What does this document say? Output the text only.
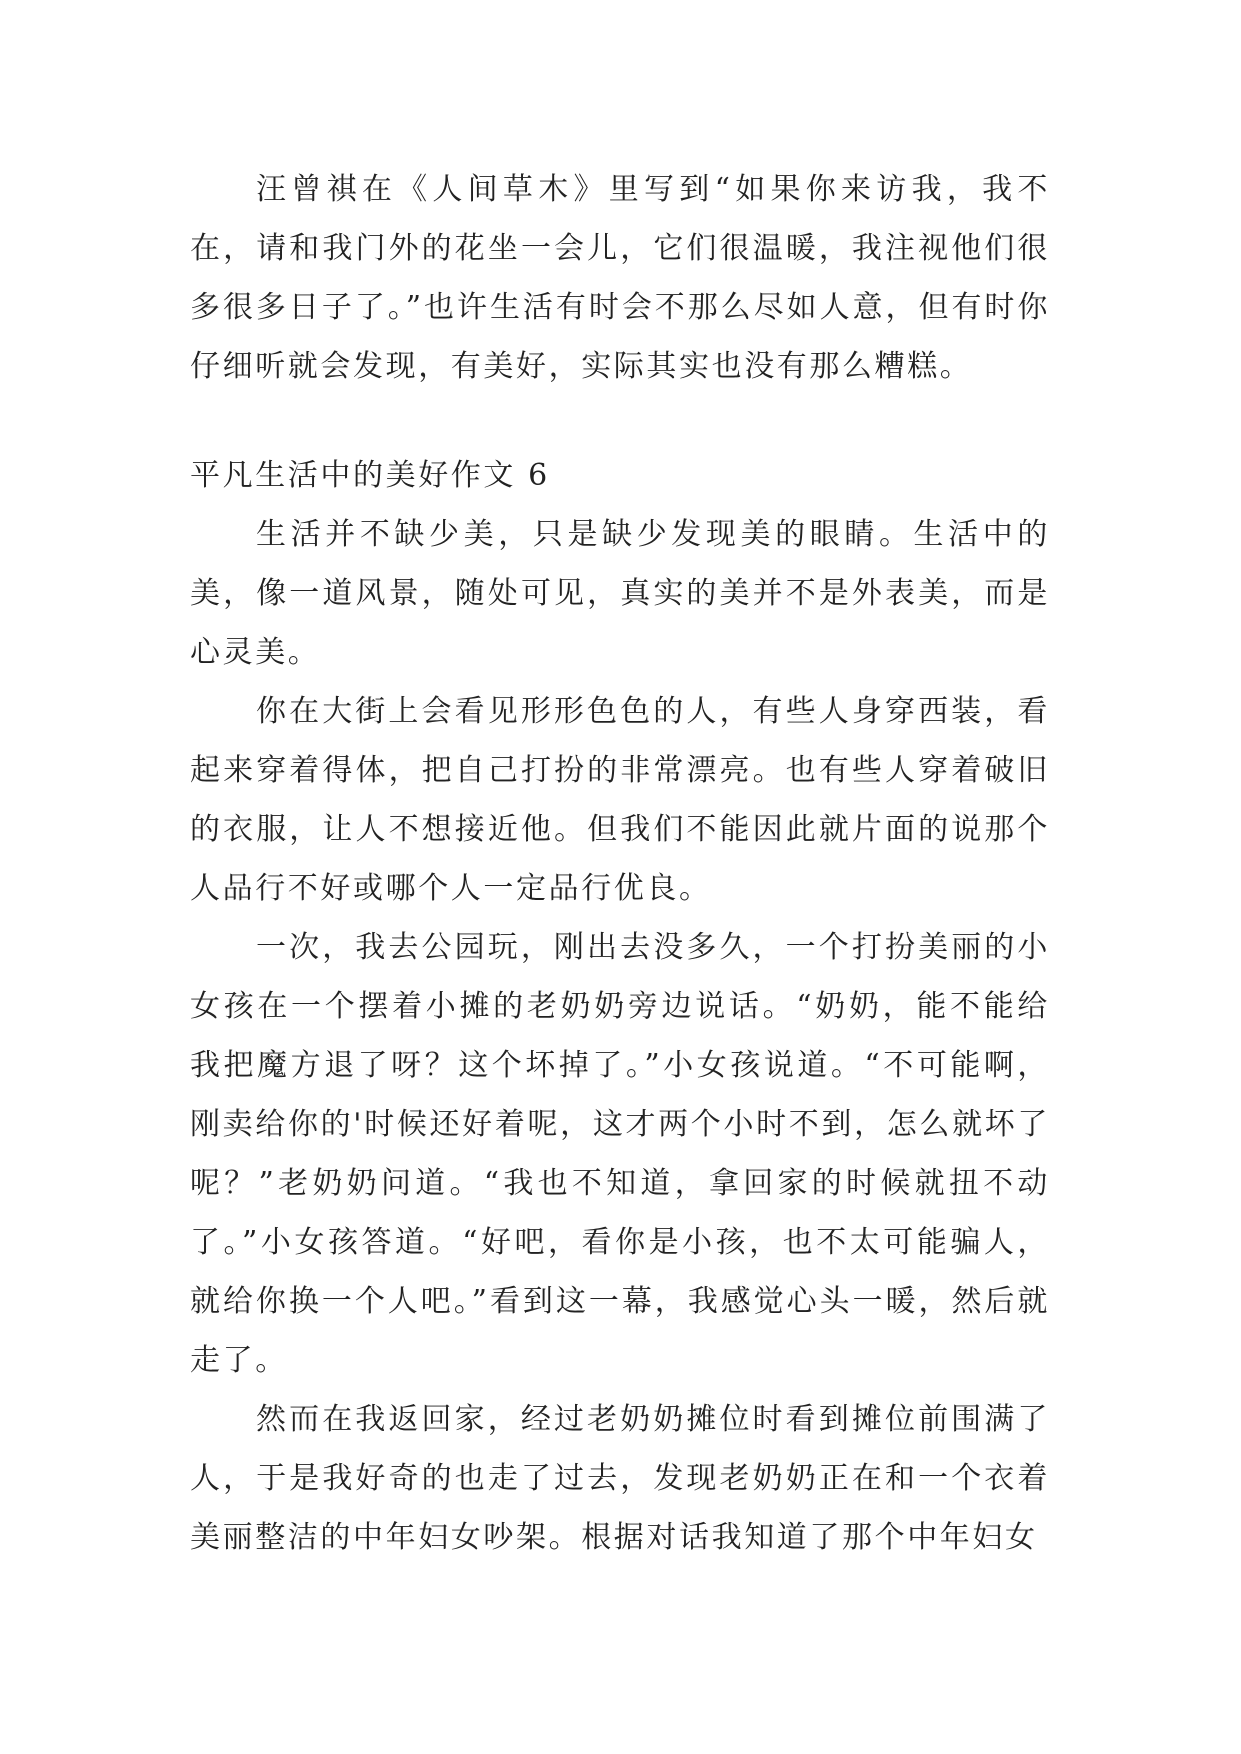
汪曾祺在《人间草木》里写到“如果你来访我，我不在，请和我门外的花坐一会儿，它们很温暖，我注视他们很多很多日子了。”也许生活有时会不那么尽如人意，但有时你仔细听就会发现，有美好，实际其实也没有那么糟糕。

平凡生活中的美好作文 6

生活并不缺少美，只是缺少发现美的眼睛。生活中的美，像一道风景，随处可见，真实的美并不是外表美，而是心灵美。

你在大街上会看见形形色色的人，有些人身穿西装，看起来穿着得体，把自己打扮的非常漂亮。也有些人穿着破旧的衣服，让人不想接近他。但我们不能因此就片面的说那个人品行不好或哪个人一定品行优良。

一次，我去公园玩，刚出去没多久，一个打扮美丽的小女孩在一个摆着小摊的老奶奶旁边说话。“奶奶，能不能给我把魔方退了呀？这个坏掉了。”小女孩说道。“不可能啊，刚卖给你的'时候还好着呢，这才两个小时不到，怎么就坏了呢？”老奶奶问道。“我也不知道，拿回家的时候就扭不动了。”小女孩答道。“好吧，看你是小孩，也不太可能骗人，就给你换一个人吧。”看到这一幕，我感觉心头一暖，然后就走了。

然而在我返回家，经过老奶奶摊位时看到摊位前围满了人，于是我好奇的也走了过去，发现老奶奶正在和一个衣着美丽整洁的中年妇女吵架。根据对话我知道了那个中年妇女
